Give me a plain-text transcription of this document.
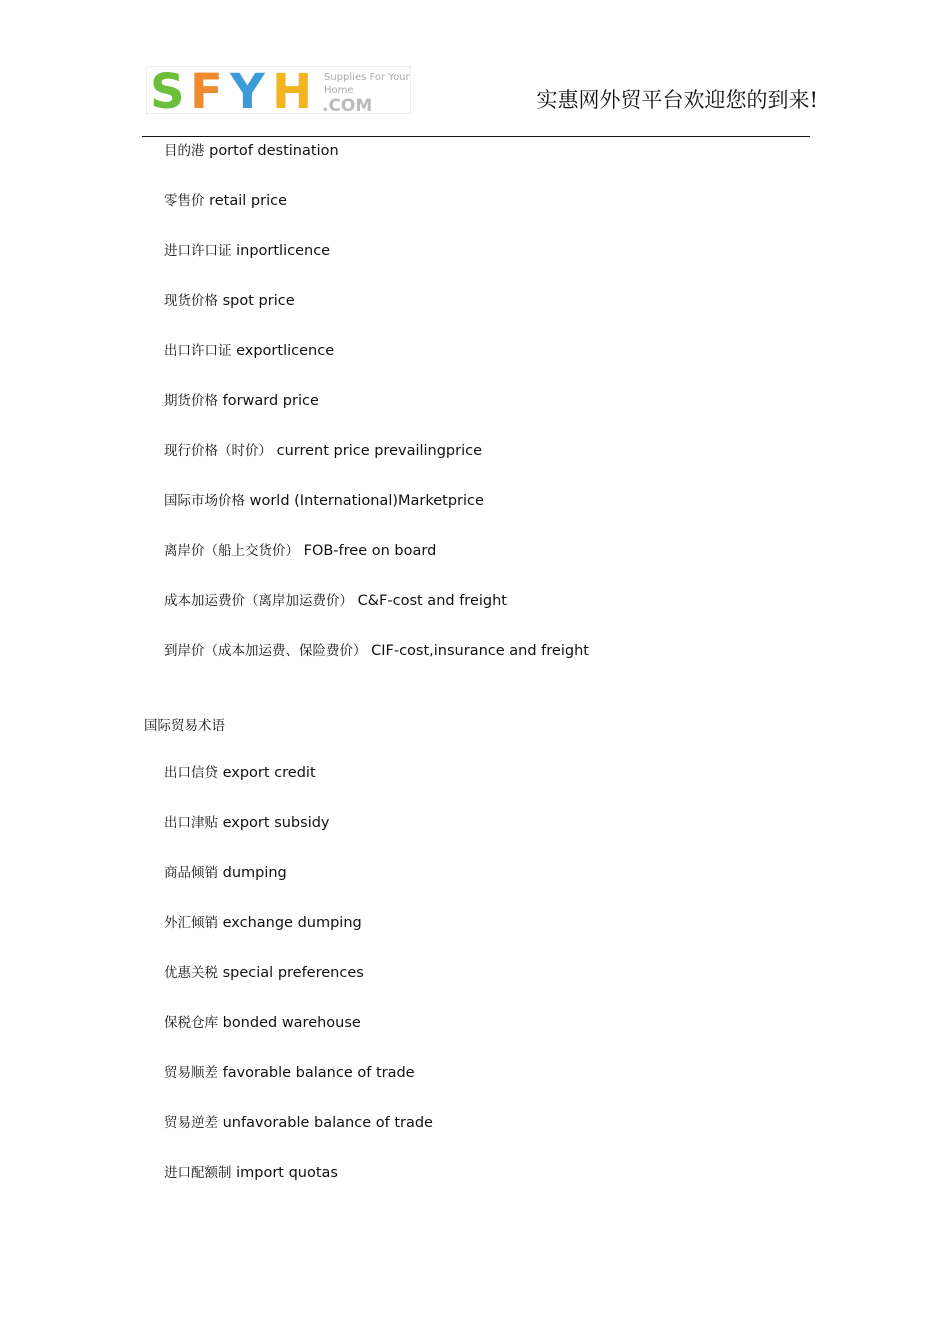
S F Y H Supplies For Your
Home
.COM	实惠网外贸平台欢迎您的到来!
目的港 portof destination
零售价 retail price
进口许口证 inportlicence
现货价格 spot price
出口许口证 exportlicence
期货价格 forward price
现行价格（时价） current price prevailingprice
国际市场价格 world (International)Marketprice
离岸价（船上交货价） FOB-free on board
成本加运费价（离岸加运费价） C&F-cost and freight
到岸价（成本加运费、保险费价） CIF-cost,insurance and freight
国际贸易术语
出口信贷 export credit
出口津贴 export subsidy
商品倾销 dumping
外汇倾销 exchange dumping
优惠关税 special preferences
保税仓库 bonded warehouse
贸易顺差 favorable balance of trade
贸易逆差 unfavorable balance of trade
进口配额制 import quotas
